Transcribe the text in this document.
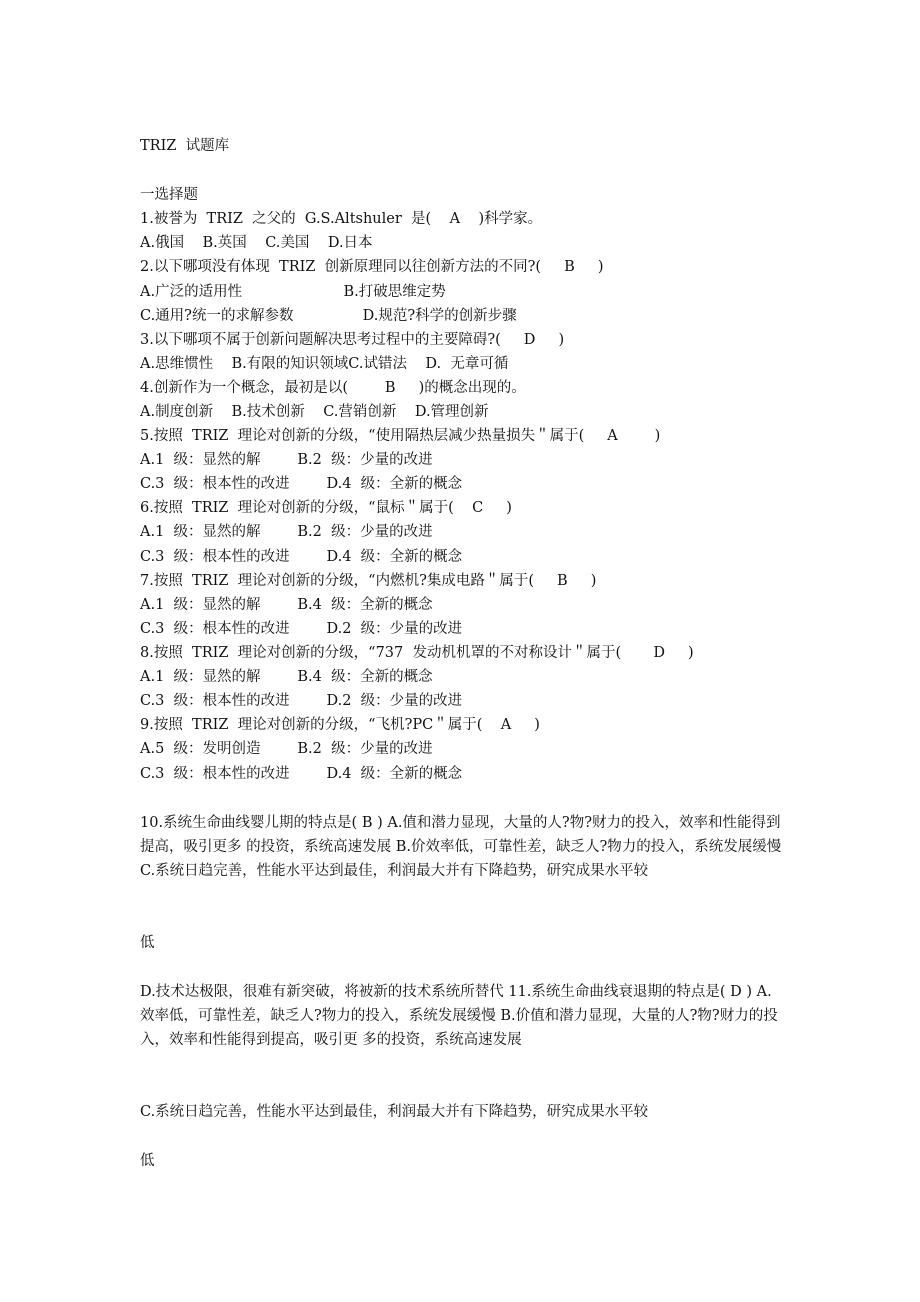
TRIZ  试题库

一选择题

1.被誉为  TRIZ  之父的  G.S.Altshuler  是(    A    )科学家。

A.俄国    B.英国    C.美国    D.日本

2.以下哪项没有体现  TRIZ  创新原理同以往创新方法的不同?(     B     )

A.广泛的适用性                      B.打破思维定势

C.通用?统一的求解参数               D.规范?科学的创新步骤

3.以下哪项不属于创新问题解决思考过程中的主要障碍?(     D     )

A.思维惯性    B.有限的知识领域C.试错法    D.  无章可循

4.创新作为一个概念，最初是以(        B     )的概念出现的。

A.制度创新    B.技术创新    C.营销创新    D.管理创新

5.按照  TRIZ  理论对创新的分级，“使用隔热层减少热量损失＂属于(     A        )

A.1  级：显然的解        B.2  级：少量的改进

C.3  级：根本性的改进        D.4  级：全新的概念

6.按照  TRIZ  理论对创新的分级，“鼠标＂属于(    C     )

A.1  级：显然的解        B.2  级：少量的改进

C.3  级：根本性的改进        D.4  级：全新的概念

7.按照  TRIZ  理论对创新的分级，“内燃机?集成电路＂属于(     B     )

A.1  级：显然的解        B.4  级：全新的概念

C.3  级：根本性的改进        D.2  级：少量的改进

8.按照  TRIZ  理论对创新的分级，“737  发动机机罩的不对称设计＂属于(       D     )

A.1  级：显然的解        B.4  级：全新的概念

C.3  级：根本性的改进        D.2  级：少量的改进

9.按照  TRIZ  理论对创新的分级，“飞机?PC＂属于(    A     )

A.5  级：发明创造        B.2  级：少量的改进

C.3  级：根本性的改进        D.4  级：全新的概念

10.系统生命曲线婴儿期的特点是( B ) A.值和潜力显现，大量的人?物?财力的投入，效率和性能得到提高，吸引更多 的投资，系统高速发展 B.价效率低，可靠性差，缺乏人?物力的投入，系统发展缓慢 C.系统日趋完善，性能水平达到最佳，利润最大并有下降趋势，研究成果水平较

低

D.技术达极限，很难有新突破，将被新的技术系统所替代 11.系统生命曲线衰退期的特点是( D ) A.效率低，可靠性差，缺乏人?物力的投入，系统发展缓慢 B.价值和潜力显现，大量的人?物?财力的投入，效率和性能得到提高，吸引更 多的投资，系统高速发展

C.系统日趋完善，性能水平达到最佳，利润最大并有下降趋势，研究成果水平较

低
